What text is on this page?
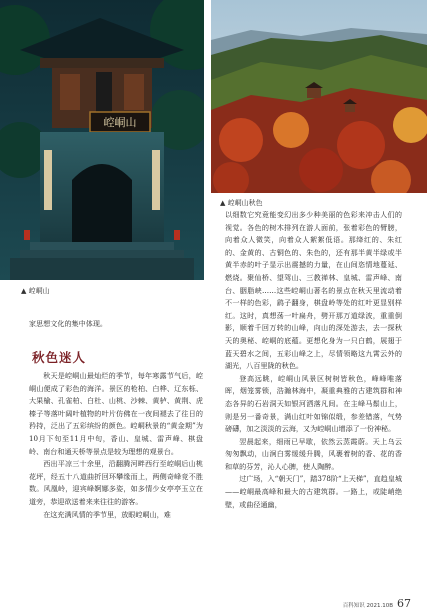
崆峒山
▲ 崆峒山
▲ 崆峒山秋色

家思想文化的集中体现。

秋色迷人

秋天是崆峒山最灿烂的季节，每年寒露节气后，崆峒山便成了彩色的海洋。景区的枪柏、白桦、辽东栎、大果榆、孔雀柏、白杜、山桃、沙棘、黄栌、黄荆、虎榛子等落叶阔叶植物的叶片仿佛在一夜间褪去了往日的矜持，泛出了五彩缤纷的颜色。崆峒秋景的“黄金期”为10月下旬至11月中旬，香山、皇城、雷声峰、棋盘岭、南台和通天桥等景点是较为理想的观景台。

西出平凉三十余里，沿翻腾河畔西行至崆峒后山桃花坪，经五十八道曲折回环攀缘而上，两侧奇峰竞不胜数。风凰岭，迎宾峰婀娜多姿，如多情少女亭亭玉立在道旁，恭迎欲送着来来往往的游客。

在这充满风情的季节里，放眼崆峒山，难

以细数它究竟能变幻出多少种美丽的色彩来冲击人们的视觉。各色的树木排列在游人面前，张着彩色的臂膀，向着众人微笑，向着众人絮絮低语。那绛红的、朱红的、金黄的、古铜色的、朱色的，还有那半黄半绿或半黄半赤的叶子显示出震撼的力量，在山间恣情地蔓延、燃烧。聚仙桥、望驾山、三教禅林、皇城、雷声峰、南台、胭脂峡……这些崆峒山著名的景点在秋天里流动着不一样的色彩，鹞子翻身，棋盘岭等处的红叶更显别样红。这时，真想荡一叶扁舟，劈开那万道绿波，重重倒影，顺着千回万转的山峰，向山的深处游去，去一探秋天的奥秘、崆峒的底蕴。更想化身为一只白鹤，展翅于蓝天碧水之间，五彩山峰之上，尽情领略这九霄云外的湖光，八百里陇的秋色。

登高远眺，崆峒山风景区树树皆秋色，峰峰唯落晖，烟笼雾锁，浩瀚林海中，凝重典雅的古建筑群和神态各异的石岩洞天如银河洒落凡间。在主峰马鬃山上，则是另一番奇景，满山红叶如锦似缎，参差错落，气势磅礴，加之淡淡的云海，又为崆峒山增添了一份神秘。

翌晨起来，细雨已早歇，依然云蒸霞蔚。天上乌云匆匆飘动，山涧白雾缓缓升腾，风裹着树的香、花的香和草的芬芳，沁人心脾，使人陶醉。

过广场，入“朝天门”，踏378阶“上天梯”，直趋皇城——崆峒最高峰和最大的古建筑群。一路上，或陡峭绝壁，或曲径通幽，

百科知识 2021.10B 67
